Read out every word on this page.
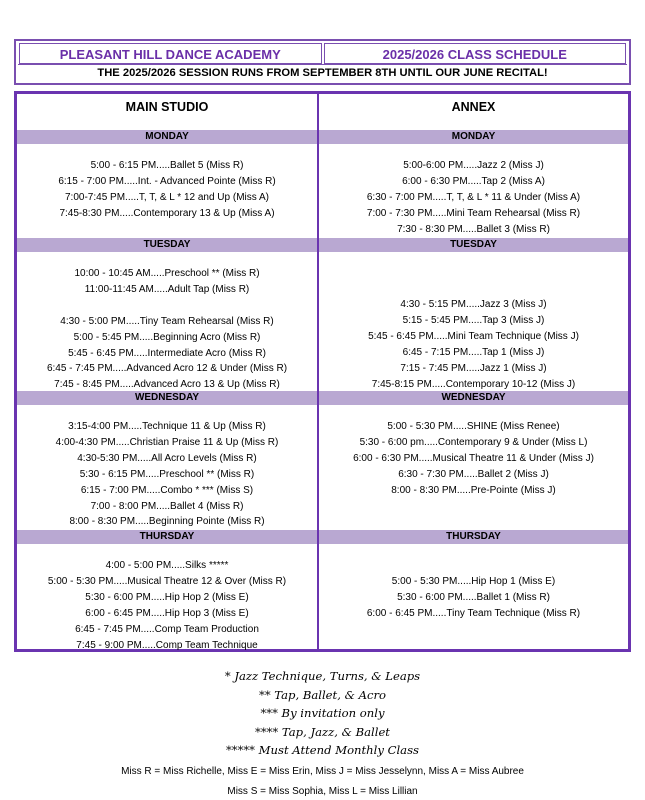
PLEASANT HILL DANCE ACADEMY	2025/2026 CLASS SCHEDULE
THE 2025/2026 SESSION RUNS FROM SEPTEMBER 8TH UNTIL OUR JUNE RECITAL!
MAIN STUDIO
MONDAY
5:00 - 6:15 PM.....Ballet 5 (Miss R)
6:15 - 7:00 PM.....Int. - Advanced Pointe (Miss R)
7:00-7:45 PM.....T, T, & L * 12 and Up (Miss A)
7:45-8:30 PM.....Contemporary 13 & Up (Miss A)
TUESDAY
10:00 - 10:45 AM.....Preschool ** (Miss R)
11:00-11:45 AM.....Adult Tap (Miss R)

4:30 - 5:00 PM.....Tiny Team Rehearsal (Miss R)
5:00 - 5:45 PM.....Beginning Acro (Miss R)
5:45 - 6:45 PM.....Intermediate Acro (Miss R)
6:45 - 7:45 PM.....Advanced Acro 12 & Under (Miss R)
7:45 - 8:45 PM.....Advanced Acro 13 & Up (Miss R)
WEDNESDAY
3:15-4:00 PM.....Technique 11 & Up (Miss R)
4:00-4:30 PM.....Christian Praise 11 & Up (Miss R)
4:30-5:30 PM.....All Acro Levels (Miss R)
5:30 - 6:15 PM.....Preschool ** (Miss R)
6:15 - 7:00 PM.....Combo * *** (Miss S)
7:00 - 8:00 PM.....Ballet 4 (Miss R)
8:00 - 8:30 PM.....Beginning Pointe (Miss R)
THURSDAY
4:00 - 5:00 PM.....Silks *****
5:00 - 5:30 PM.....Musical Theatre 12 & Over (Miss R)
5:30 - 6:00 PM.....Hip Hop 2 (Miss E)
6:00 - 6:45 PM.....Hip Hop 3 (Miss E)
6:45 - 7:45 PM.....Comp Team Production
7:45 - 9:00 PM.....Comp Team Technique
ANNEX
MONDAY
5:00-6:00 PM.....Jazz 2 (Miss J)
6:00 - 6:30 PM.....Tap 2 (Miss A)
6:30 - 7:00 PM.....T, T, & L * 11 & Under (Miss A)
7:00 - 7:30 PM.....Mini Team Rehearsal (Miss R)
7:30 - 8:30 PM.....Ballet 3 (Miss R)
TUESDAY
4:30 - 5:15 PM.....Jazz 3 (Miss J)
5:15 - 5:45 PM.....Tap 3 (Miss J)
5:45 - 6:45 PM.....Mini Team Technique (Miss J)
6:45 - 7:15 PM.....Tap 1 (Miss J)
7:15 - 7:45 PM.....Jazz 1 (Miss J)
7:45-8:15 PM.....Contemporary 10-12 (Miss J)
WEDNESDAY
5:00 - 5:30 PM.....SHINE (Miss Renee)
5:30 - 6:00 pm.....Contemporary 9 & Under (Miss L)
6:00 - 6:30 PM.....Musical Theatre 11 & Under (Miss J)
6:30 - 7:30 PM.....Ballet 2 (Miss J)
8:00 - 8:30 PM.....Pre-Pointe (Miss J)
THURSDAY
5:00 - 5:30 PM.....Hip Hop 1 (Miss E)
5:30 - 6:00 PM.....Ballet 1 (Miss R)
6:00 - 6:45 PM.....Tiny Team Technique (Miss R)
* Jazz Technique, Turns, & Leaps
** Tap, Ballet, & Acro
*** By invitation only
**** Tap, Jazz, & Ballet
***** Must Attend Monthly Class
Miss R = Miss Richelle, Miss E = Miss Erin, Miss J = Miss Jesselynn, Miss A = Miss Aubree
Miss S = Miss Sophia, Miss L = Miss Lillian
